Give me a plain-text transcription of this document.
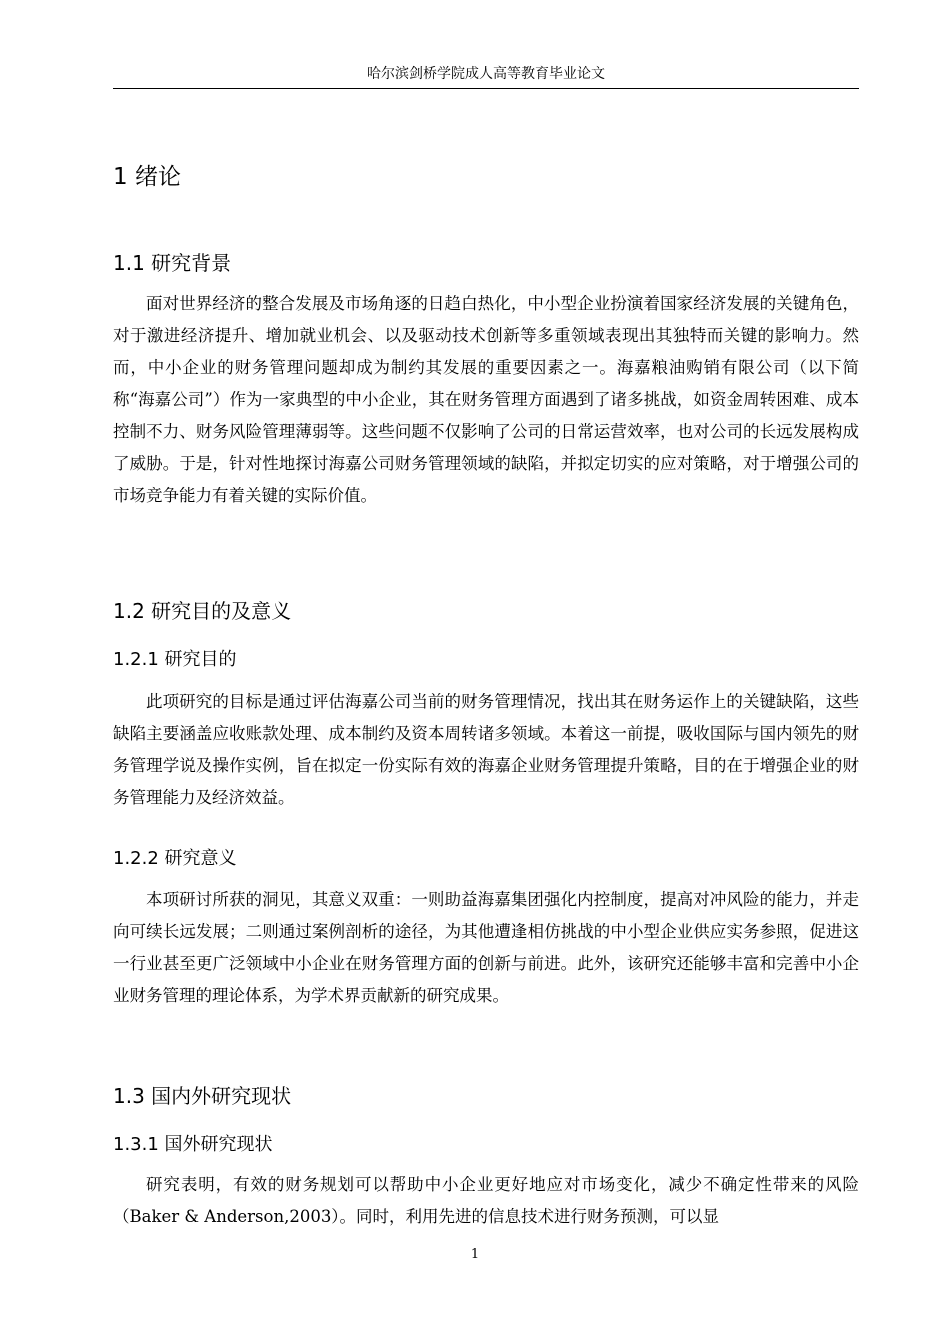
哈尔滨剑桥学院成人高等教育毕业论文
1 绪论
1.1 研究背景

面对世界经济的整合发展及市场角逐的日趋白热化，中小型企业扮演着国家经济发展的关键角色，对于激进经济提升、增加就业机会、以及驱动技术创新等多重领域表现出其独特而关键的影响力。然而，中小企业的财务管理问题却成为制约其发展的重要因素之一。海嘉粮油购销有限公司（以下简称“海嘉公司”）作为一家典型的中小企业，其在财务管理方面遇到了诸多挑战，如资金周转困难、成本控制不力、财务风险管理薄弱等。这些问题不仅影响了公司的日常运营效率，也对公司的长远发展构成了威胁。于是，针对性地探讨海嘉公司财务管理领域的缺陷，并拟定切实的应对策略，对于增强公司的市场竞争能力有着关键的实际价值。

1.2 研究目的及意义
1.2.1 研究目的

此项研究的目标是通过评估海嘉公司当前的财务管理情况，找出其在财务运作上的关键缺陷，这些缺陷主要涵盖应收账款处理、成本制约及资本周转诸多领域。本着这一前提，吸收国际与国内领先的财务管理学说及操作实例，旨在拟定一份实际有效的海嘉企业财务管理提升策略，目的在于增强企业的财务管理能力及经济效益。

1.2.2 研究意义

本项研讨所获的洞见，其意义双重：一则助益海嘉集团强化内控制度，提高对冲风险的能力，并走向可续长远发展；二则通过案例剖析的途径，为其他遭逢相仿挑战的中小型企业供应实务参照，促进这一行业甚至更广泛领域中小企业在财务管理方面的创新与前进。此外，该研究还能够丰富和完善中小企业财务管理的理论体系，为学术界贡献新的研究成果。

1.3 国内外研究现状
1.3.1 国外研究现状

研究表明，有效的财务规划可以帮助中小企业更好地应对市场变化，减少不确定性带来的风险（Baker & Anderson,2003）。同时，利用先进的信息技术进行财务预测，可以显

1
